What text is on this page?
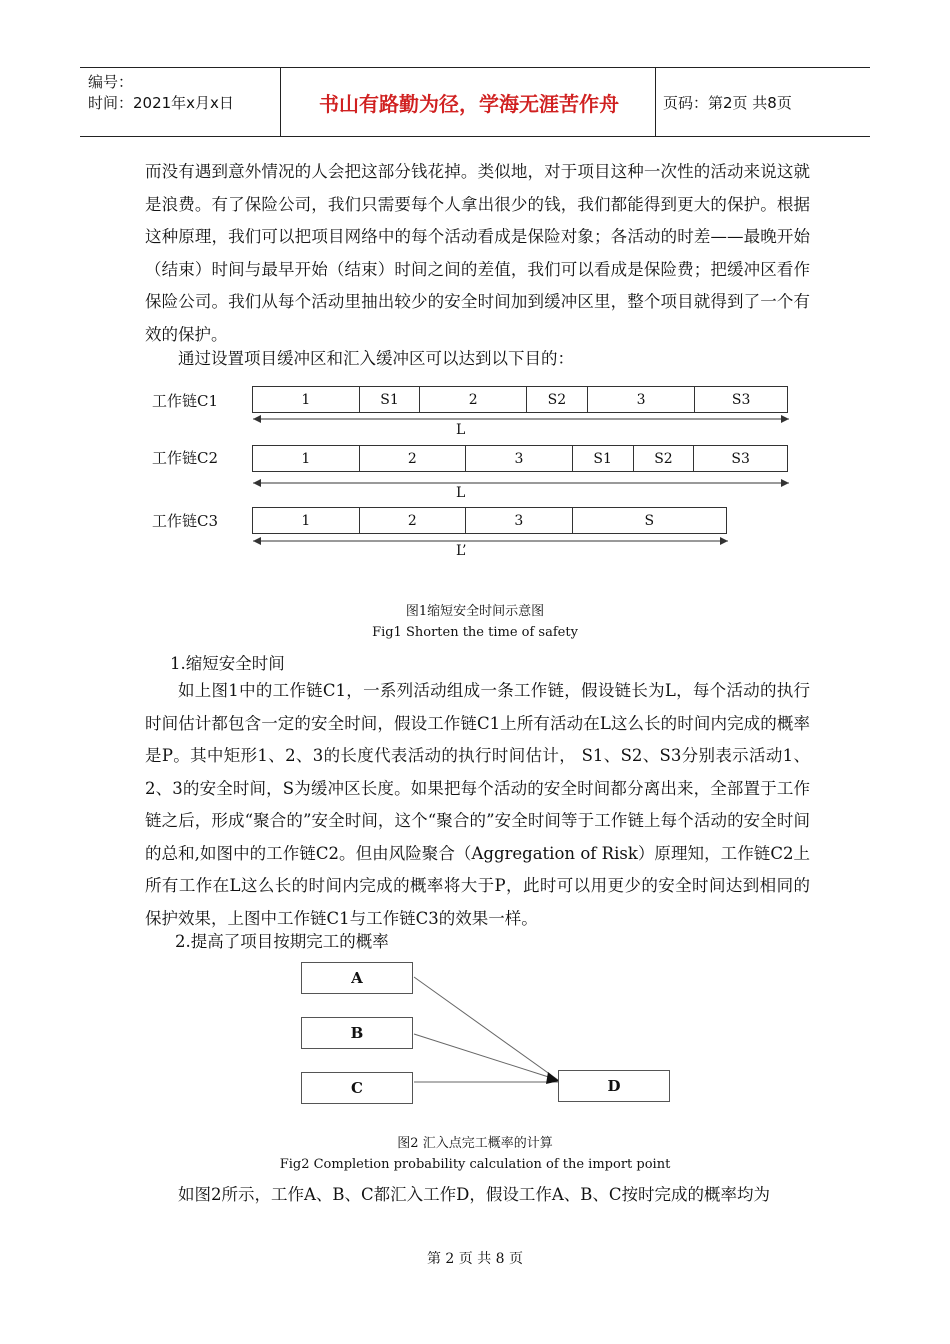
编号：
时间：2021年x月x日	书山有路勤为径，学海无涯苦作舟	页码：第2页 共8页
而没有遇到意外情况的人会把这部分钱花掉。类似地，对于项目这种一次性的活动来说这就是浪费。有了保险公司，我们只需要每个人拿出很少的钱，我们都能得到更大的保护。根据这种原理，我们可以把项目网络中的每个活动看成是保险对象；各活动的时差——最晚开始（结束）时间与最早开始（结束）时间之间的差值，我们可以看成是保险费；把缓冲区看作保险公司。我们从每个活动里抽出较少的安全时间加到缓冲区里，整个项目就得到了一个有效的保护。
通过设置项目缓冲区和汇入缓冲区可以达到以下目的：
工作链C1	1	S1	2	S2	3	S3
L
工作链C2	1	2	3	S1	S2	S3
L
工作链C3	1	2	3	S
L’
图1缩短安全时间示意图
Fig1 Shorten the time of safety
1.缩短安全时间
如上图1中的工作链C1，一系列活动组成一条工作链，假设链长为L，每个活动的执行时间估计都包含一定的安全时间，假设工作链C1上所有活动在L这么长的时间内完成的概率是P。其中矩形1、2、3的长度代表活动的执行时间估计， S1、S2、S3分别表示活动1、2、3的安全时间，S为缓冲区长度。如果把每个活动的安全时间都分离出来，全部置于工作链之后，形成“聚合的”安全时间，这个“聚合的”安全时间等于工作链上每个活动的安全时间的总和,如图中的工作链C2。但由风险聚合（Aggregation of Risk）原理知，工作链C2上所有工作在L这么长的时间内完成的概率将大于P，此时可以用更少的安全时间达到相同的保护效果，上图中工作链C1与工作链C3的效果一样。
2.提高了项目按期完工的概率
A
B
C	D
图2 汇入点完工概率的计算
Fig2 Completion probability calculation of the import point
如图2所示，工作A、B、C都汇入工作D，假设工作A、B、C按时完成的概率均为
第 2 页 共 8 页
